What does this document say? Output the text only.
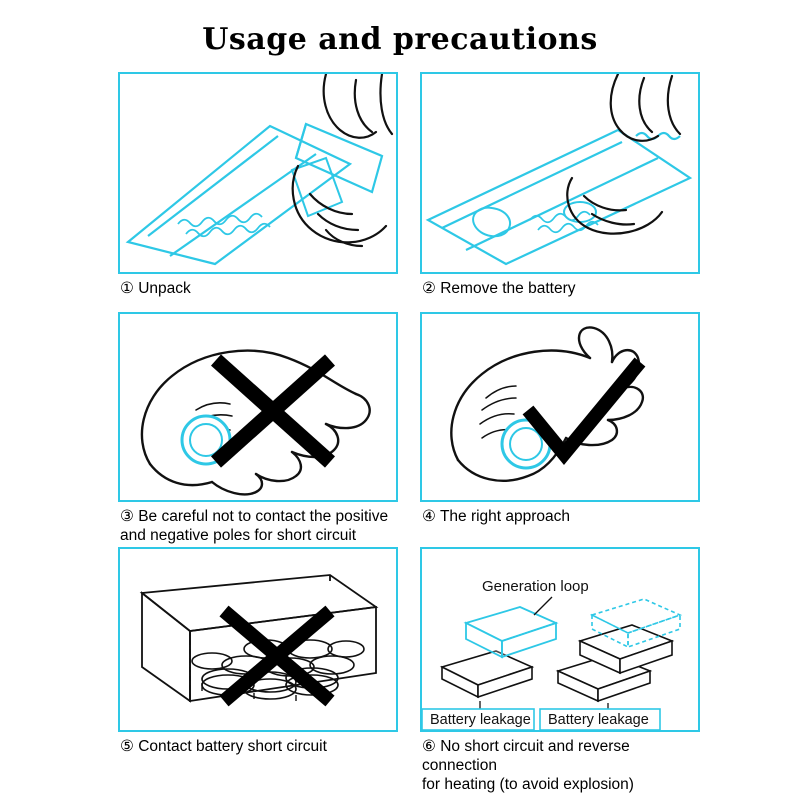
Usage and precautions
① Unpack	② Remove the battery
③ Be careful not to contact the positive
and negative poles for short circuit
④ The right approach
⑤ Contact battery short circuit
Generation loop
Battery leakage Battery leakage
⑥ No short circuit and reverse connection
for heating (to avoid explosion)
